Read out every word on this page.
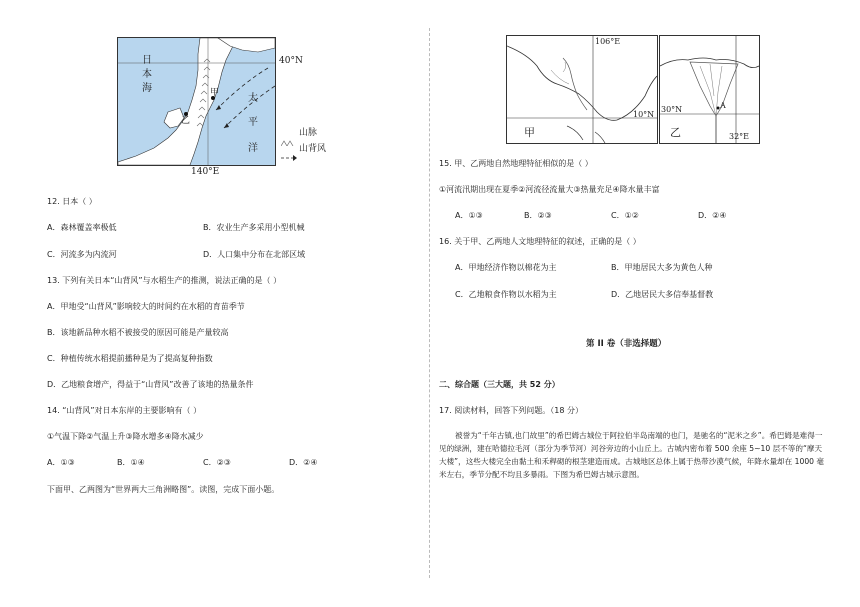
日
本
海	甲
乙
太
平
洋
40°N
140°E
山脉
山背风
12. 日本（ ）
A．森林覆盖率极低	B．农业生产多采用小型机械
C．河流多为内流河	D．人口集中分布在北部区域
13. 下列有关日本“山背风”与水稻生产的推测，说法正确的是（ ）
A．甲地受“山背风”影响较大的时间约在水稻的育苗季节
B．该地新品种水稻不被接受的原因可能是产量较高
C．种植传统水稻提前播种是为了提高复种指数
D．乙地粮食增产，得益于“山背风”改善了该地的热量条件
14. “山背风”对日本东岸的主要影响有（ ）
①气温下降②气温上升③降水增多④降水减少
A．①③	B．①④	C．②③	D．②④
下面甲、乙两图为“世界两大三角洲略图”。读图，完成下面小题。
106°E
10°N
甲
30°N
32°E
乙
A
15. 甲、乙两地自然地理特征相似的是（ ）
①河流汛期出现在夏季②河流径流量大③热量充足④降水量丰富
A．①③	B．②③	C．①②	D．②④
16. 关于甲、乙两地人文地理特征的叙述，正确的是（ ）
A．甲地经济作物以棉花为主	B．甲地居民大多为黄色人种
C．乙地粮食作物以水稻为主	D．乙地居民大多信奉基督教
第 II 卷（非选择题）
二、综合题（三大题，共 52 分）
17. 阅读材料，回答下列问题。（18 分）
被誉为“千年古镇,也门故里”的希巴姆古城位于阿拉伯半岛南端的也门，是驰名的“泥米之乡”。希巴姆是难得一见的绿洲，建在哈德拉毛河（部分为季节河）河谷旁边的小山丘上。古城内密布着 500 余座 5~10 层不等的“摩天大楼”，这些大楼完全由黏土和禾稈砌的根茎建造而成。古城地区总体上属于热带沙漠气候，年降水量却在 1000 毫米左右，季节分配不均且多暴雨。下图为希巴姆古城示意图。
